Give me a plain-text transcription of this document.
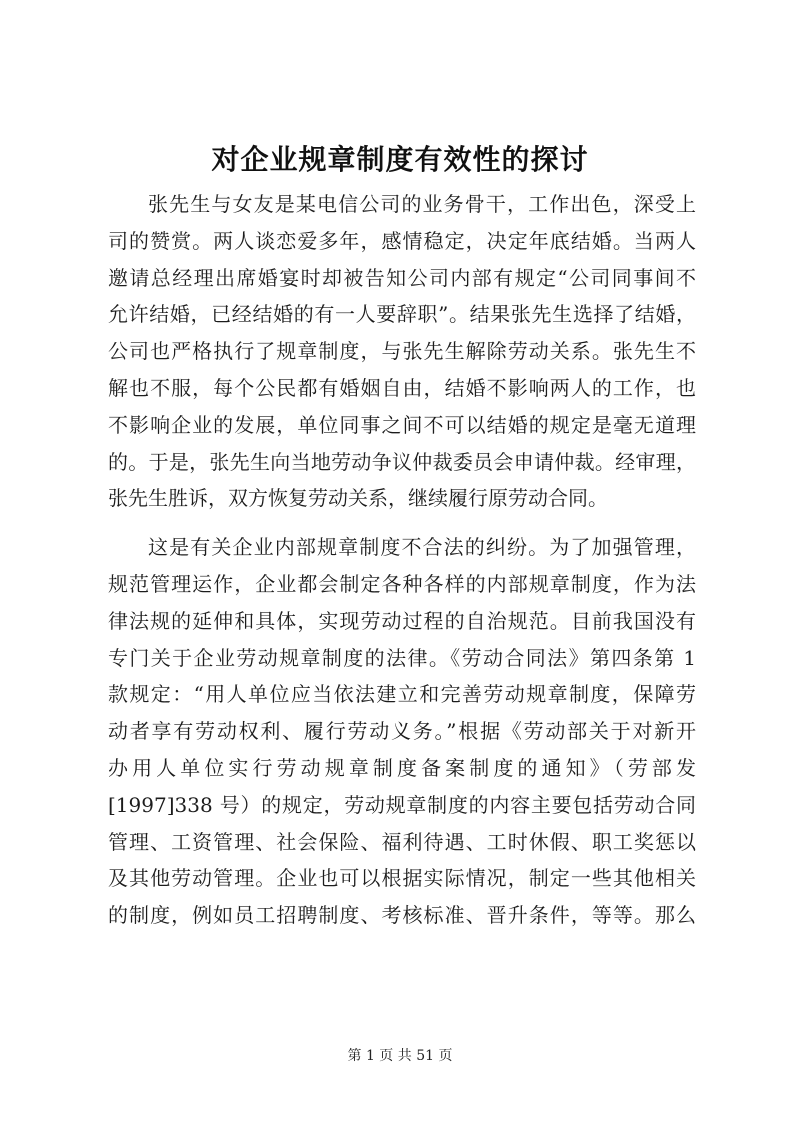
对企业规章制度有效性的探讨
张先生与女友是某电信公司的业务骨干，工作出色，深受上
司的赞赏。两人谈恋爱多年，感情稳定，决定年底结婚。当两人
邀请总经理出席婚宴时却被告知公司内部有规定“公司同事间不
允许结婚，已经结婚的有一人要辞职”。结果张先生选择了结婚，
公司也严格执行了规章制度，与张先生解除劳动关系。张先生不
解也不服，每个公民都有婚姻自由，结婚不影响两人的工作，也
不影响企业的发展，单位同事之间不可以结婚的规定是毫无道理
的。于是，张先生向当地劳动争议仲裁委员会申请仲裁。经审理，
张先生胜诉，双方恢复劳动关系，继续履行原劳动合同。
这是有关企业内部规章制度不合法的纠纷。为了加强管理，
规范管理运作，企业都会制定各种各样的内部规章制度，作为法
律法规的延伸和具体，实现劳动过程的自治规范。目前我国没有
专门关于企业劳动规章制度的法律。《劳动合同法》第四条第 1
款规定：“用人单位应当依法建立和完善劳动规章制度，保障劳
动者享有劳动权利、履行劳动义务。”根据《劳动部关于对新开
办用人单位实行劳动规章制度备案制度的通知》（劳部发
[1997]338 号）的规定，劳动规章制度的内容主要包括劳动合同
管理、工资管理、社会保险、福利待遇、工时休假、职工奖惩以
及其他劳动管理。企业也可以根据实际情况，制定一些其他相关
的制度，例如员工招聘制度、考核标准、晋升条件，等等。那么
第 1 页 共 51 页
